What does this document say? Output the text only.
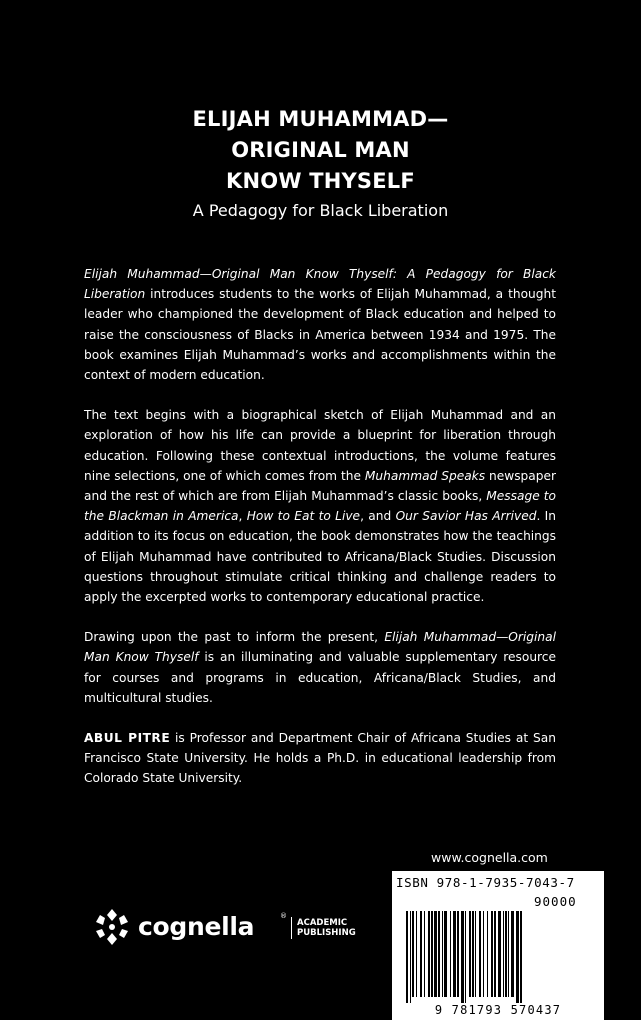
ELIJAH MUHAMMAD—
ORIGINAL MAN
KNOW THYSELF
A Pedagogy for Black Liberation

Elijah Muhammad—Original Man Know Thyself: A Pedagogy for Black Liberation introduces students to the works of Elijah Muhammad, a thought leader who championed the development of Black education and helped to raise the consciousness of Blacks in America between 1934 and 1975. The book examines Elijah Muhammad’s works and accomplishments within the context of modern education.

The text begins with a biographical sketch of Elijah Muhammad and an exploration of how his life can provide a blueprint for liberation through education. Following these contextual introductions, the volume features nine selections, one of which comes from the Muhammad Speaks newspaper and the rest of which are from Elijah Muhammad’s classic books, Message to the Blackman in America, How to Eat to Live, and Our Savior Has Arrived. In addition to its focus on education, the book demonstrates how the teachings of Elijah Muhammad have contributed to Africana/Black Studies. Discussion questions throughout stimulate critical thinking and challenge readers to apply the excerpted works to contemporary educational practice.

Drawing upon the past to inform the present, Elijah Muhammad—Original Man Know Thyself is an illuminating and valuable supplementary resource for courses and programs in education, Africana/Black Studies, and multicultural studies.

ABUL PITRE is Professor and Department Chair of Africana Studies at San Francisco State University. He holds a Ph.D. in educational leadership from Colorado State University.

www.cognella.com
ISBN 978-1-7935-7043-7
90000
9 781793 570437
cognella	®
ACADEMIC
PUBLISHING
